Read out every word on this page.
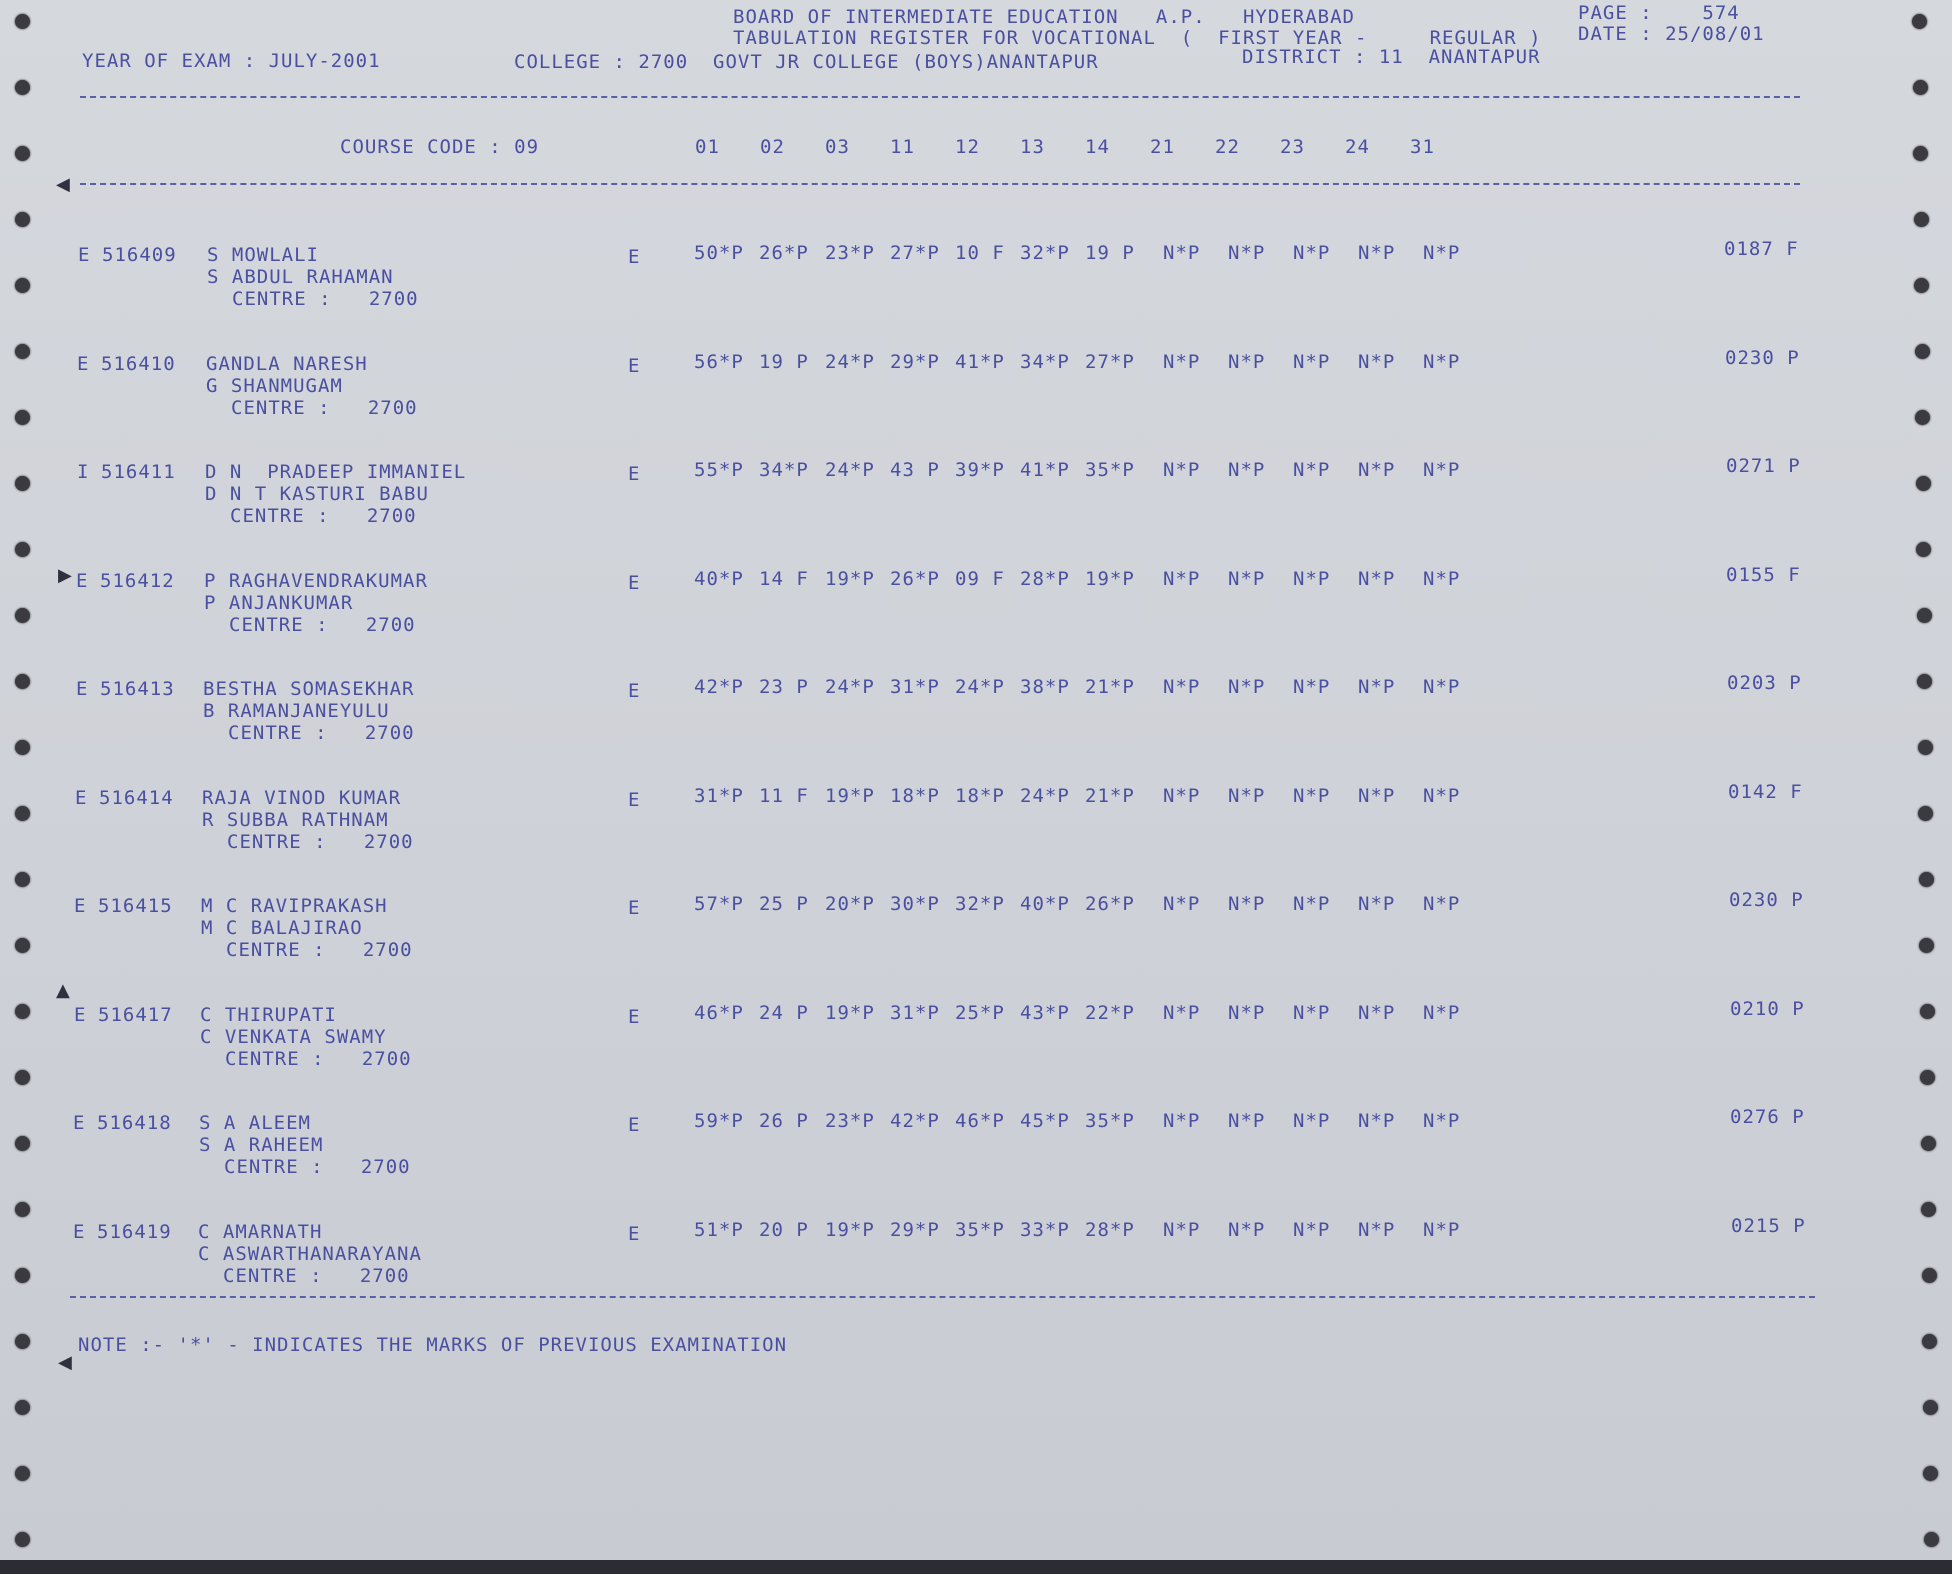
BOARD OF INTERMEDIATE EDUCATION   A.P.   HYDERABAD
TABULATION REGISTER FOR VOCATIONAL  (  FIRST YEAR -     REGULAR )
PAGE :    574
DATE : 25/08/01
YEAR OF EXAM : JULY-2001	COLLEGE : 2700  GOVT JR COLLEGE (BOYS)ANANTAPUR	DISTRICT : 11  ANANTAPUR
COURSE CODE : 09	01 02 03 11 12 13 14 21 22 23 24 31
E 516409 S MOWLALI
S ABDUL RAHAMAN
CENTRE :   2700
E	50*P 26*P 23*P 27*P 10 F 32*P 19 P N*P N*P N*P N*P N*P	0187 F
E 516410 GANDLA NARESH
G SHANMUGAM
CENTRE :   2700
E	56*P 19 P 24*P 29*P 41*P 34*P 27*P N*P N*P N*P N*P N*P	0230 P
I 516411 D N  PRADEEP IMMANIEL
D N T KASTURI BABU
CENTRE :   2700
E	55*P 34*P 24*P 43 P 39*P 41*P 35*P N*P N*P N*P N*P N*P	0271 P
E 516412 P RAGHAVENDRAKUMAR
P ANJANKUMAR
CENTRE :   2700
E	40*P 14 F 19*P 26*P 09 F 28*P 19*P N*P N*P N*P N*P N*P	0155 F
E 516413 BESTHA SOMASEKHAR
B RAMANJANEYULU
CENTRE :   2700
E	42*P 23 P 24*P 31*P 24*P 38*P 21*P N*P N*P N*P N*P N*P	0203 P
E 516414 RAJA VINOD KUMAR
R SUBBA RATHNAM
CENTRE :   2700
E	31*P 11 F 19*P 18*P 18*P 24*P 21*P N*P N*P N*P N*P N*P	0142 F
E 516415 M C RAVIPRAKASH
M C BALAJIRAO
CENTRE :   2700
E	57*P 25 P 20*P 30*P 32*P 40*P 26*P N*P N*P N*P N*P N*P	0230 P
E 516417 C THIRUPATI
C VENKATA SWAMY
CENTRE :   2700
E	46*P 24 P 19*P 31*P 25*P 43*P 22*P N*P N*P N*P N*P N*P	0210 P
E 516418 S A ALEEM
S A RAHEEM
CENTRE :   2700
E	59*P 26 P 23*P 42*P 46*P 45*P 35*P N*P N*P N*P N*P N*P	0276 P
E 516419 C AMARNATH
C ASWARTHANARAYANA
CENTRE :   2700
E	51*P 20 P 19*P 29*P 35*P 33*P 28*P N*P N*P N*P N*P N*P	0215 P
NOTE :- '*' - INDICATES THE MARKS OF PREVIOUS EXAMINATION
◀
▶
▲
◀
